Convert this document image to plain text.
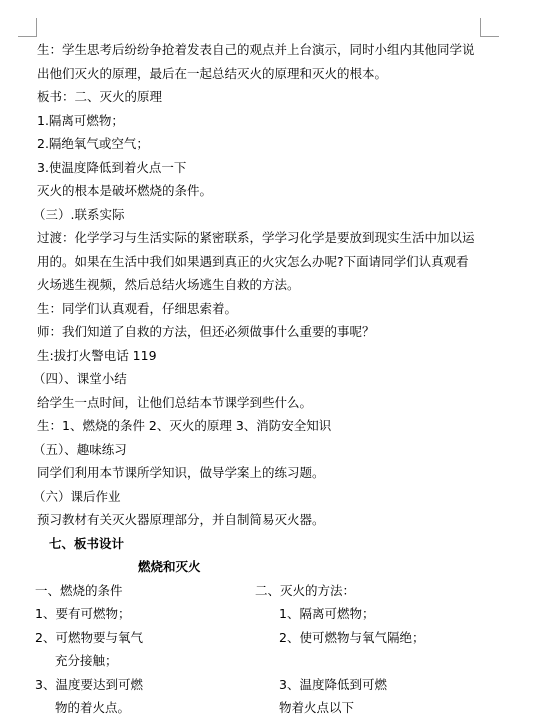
生：学生思考后纷纷争抢着发表自己的观点并上台演示，同时小组内其他同学说
出他们灭火的原理，最后在一起总结灭火的原理和灭火的根本。
板书：二、灭火的原理
1.隔离可燃物；
2.隔绝氧气或空气；
3.使温度降低到着火点一下
灭火的根本是破坏燃烧的条件。
（三）.联系实际
过渡：化学学习与生活实际的紧密联系，学学习化学是要放到现实生活中加以运
用的。如果在生活中我们如果遇到真正的火灾怎么办呢?下面请同学们认真观看
火场逃生视频，然后总结火场逃生自救的方法。
生：同学们认真观看，仔细思索着。
师：我们知道了自救的方法，但还必须做事什么重要的事呢？
生:拔打火警电话 119
（四）、课堂小结
给学生一点时间，让他们总结本节课学到些什么。
生：1、燃烧的条件 2、灭火的原理 3、消防安全知识
（五）、趣味练习
同学们利用本节课所学知识，做导学案上的练习题。
（六）课后作业
预习教材有关灭火器原理部分，并自制简易灭火器。
七、板书设计
燃烧和灭火
一、燃烧的条件	二、灭火的方法：
1、要有可燃物；	1、隔离可燃物；
2、可燃物要与氧气	2、使可燃物与氧气隔绝；
充分接触；
3、温度要达到可燃	3、温度降低到可燃
物的着火点。	物着火点以下
